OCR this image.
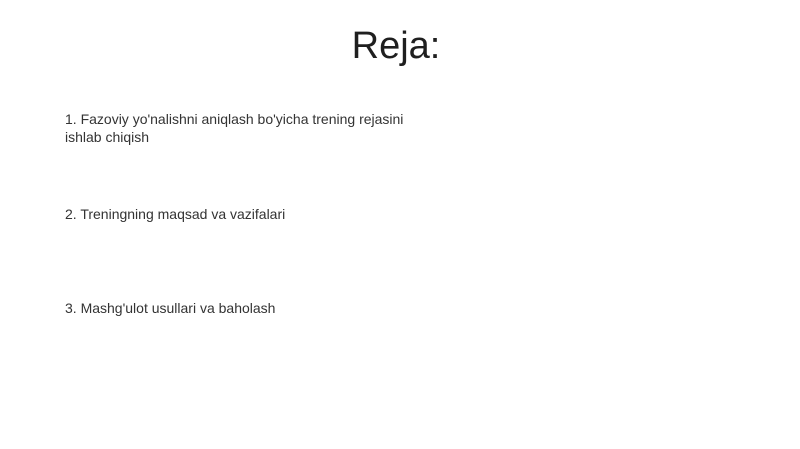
Reja:
1. Fazoviy yo'nalishni aniqlash bo'yicha trening rejasini ishlab chiqish
2. Treningning maqsad va vazifalari
3. Mashg'ulot usullari va baholash
